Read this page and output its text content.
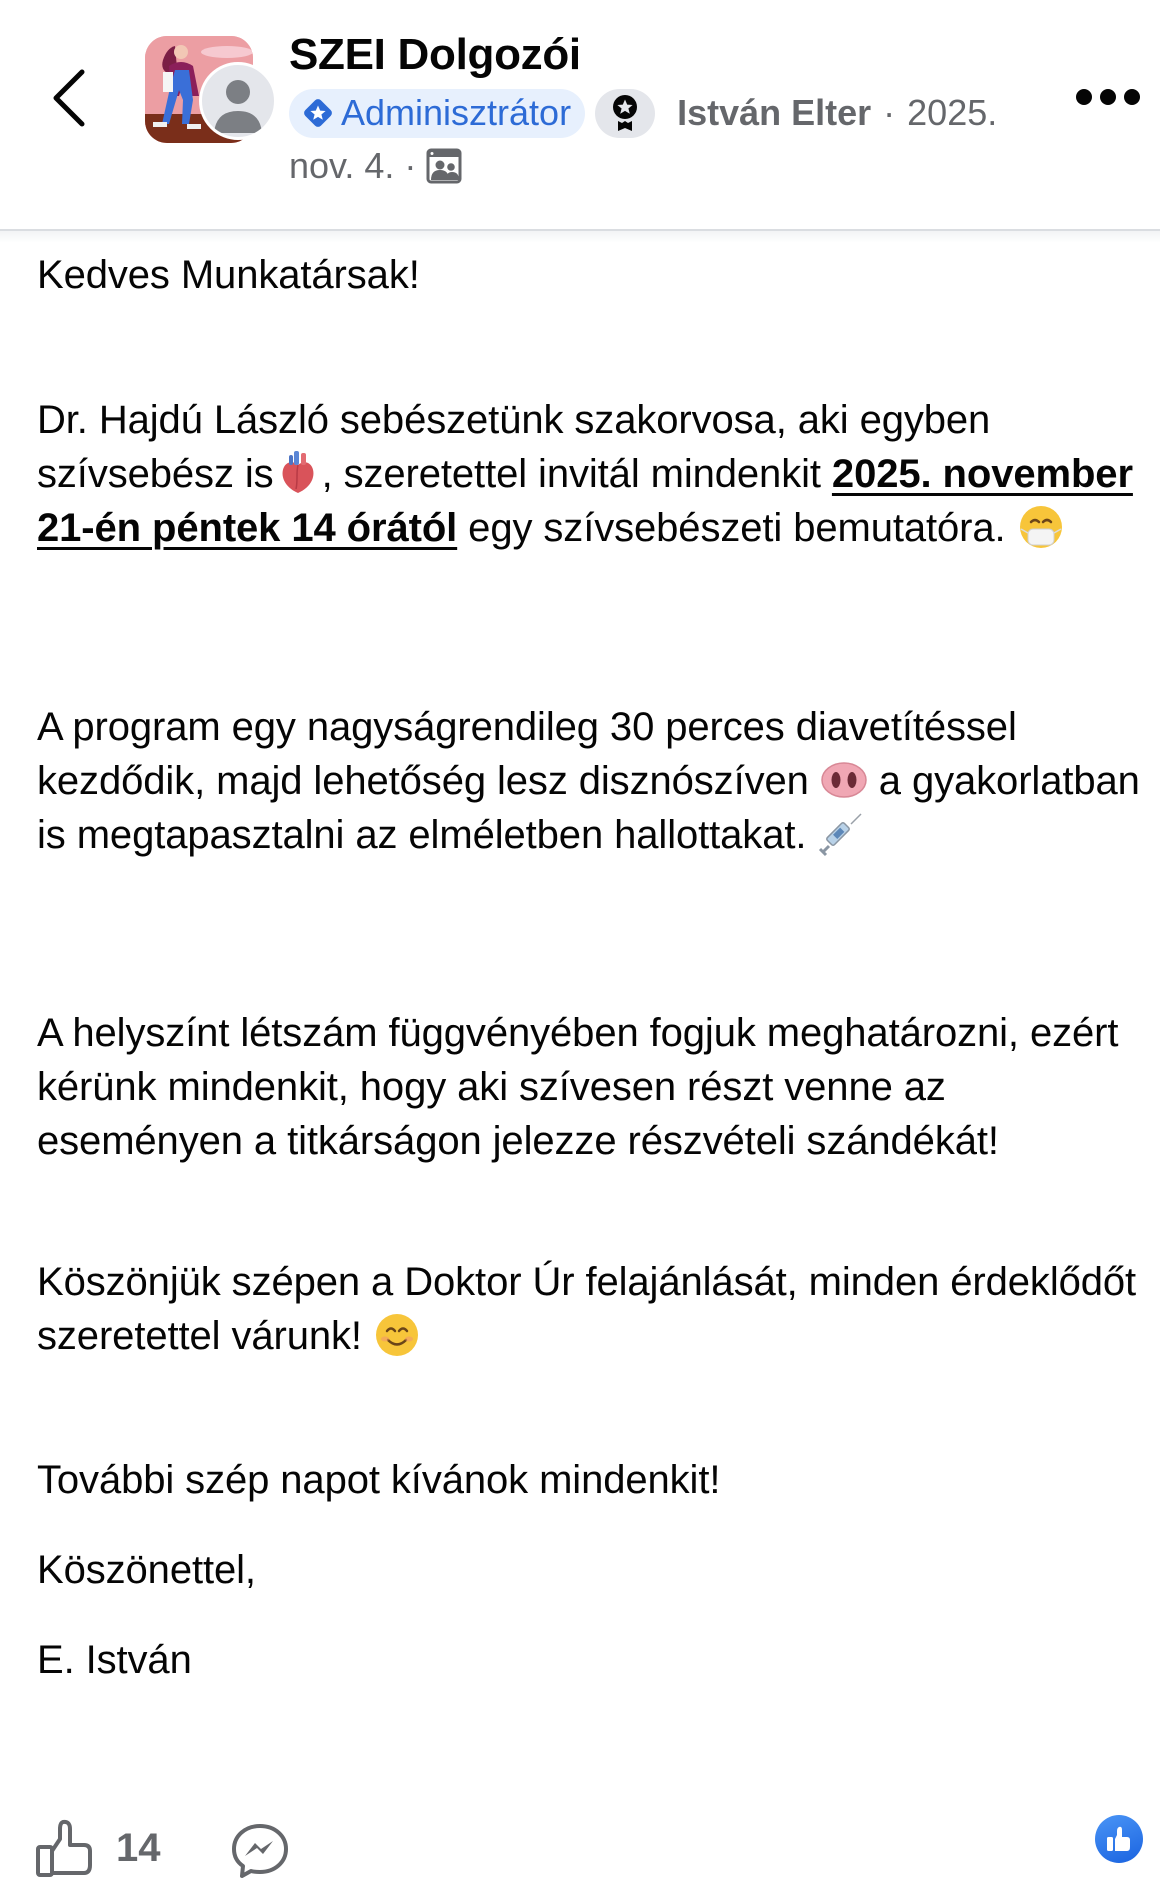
SZEI Dolgozói
Adminisztrátor	István Elter · 2025.
nov. 4. ·
Kedves Munkatársak!
Dr. Hajdú László sebészetünk szakorvosa, aki egyben szívsebész is , szeretettel invitál mindenkit 2025. november 21-én péntek 14 órától egy szívsebészeti bemutatóra.
A program egy nagyságrendileg 30 perces diavetítéssel kezdődik, majd lehetőség lesz disznószíven  a gyakorlatban is megtapasztalni az elméletben hallottakat.
A helyszínt létszám függvényében fogjuk meghatározni, ezért kérünk mindenkit, hogy aki szívesen részt venne az eseményen a titkárságon jelezze részvételi szándékát!
Köszönjük szépen a Doktor Úr felajánlását, minden érdeklődőt szeretettel várunk!
További szép napot kívánok mindenkit!
Köszönettel,
E. István
14
